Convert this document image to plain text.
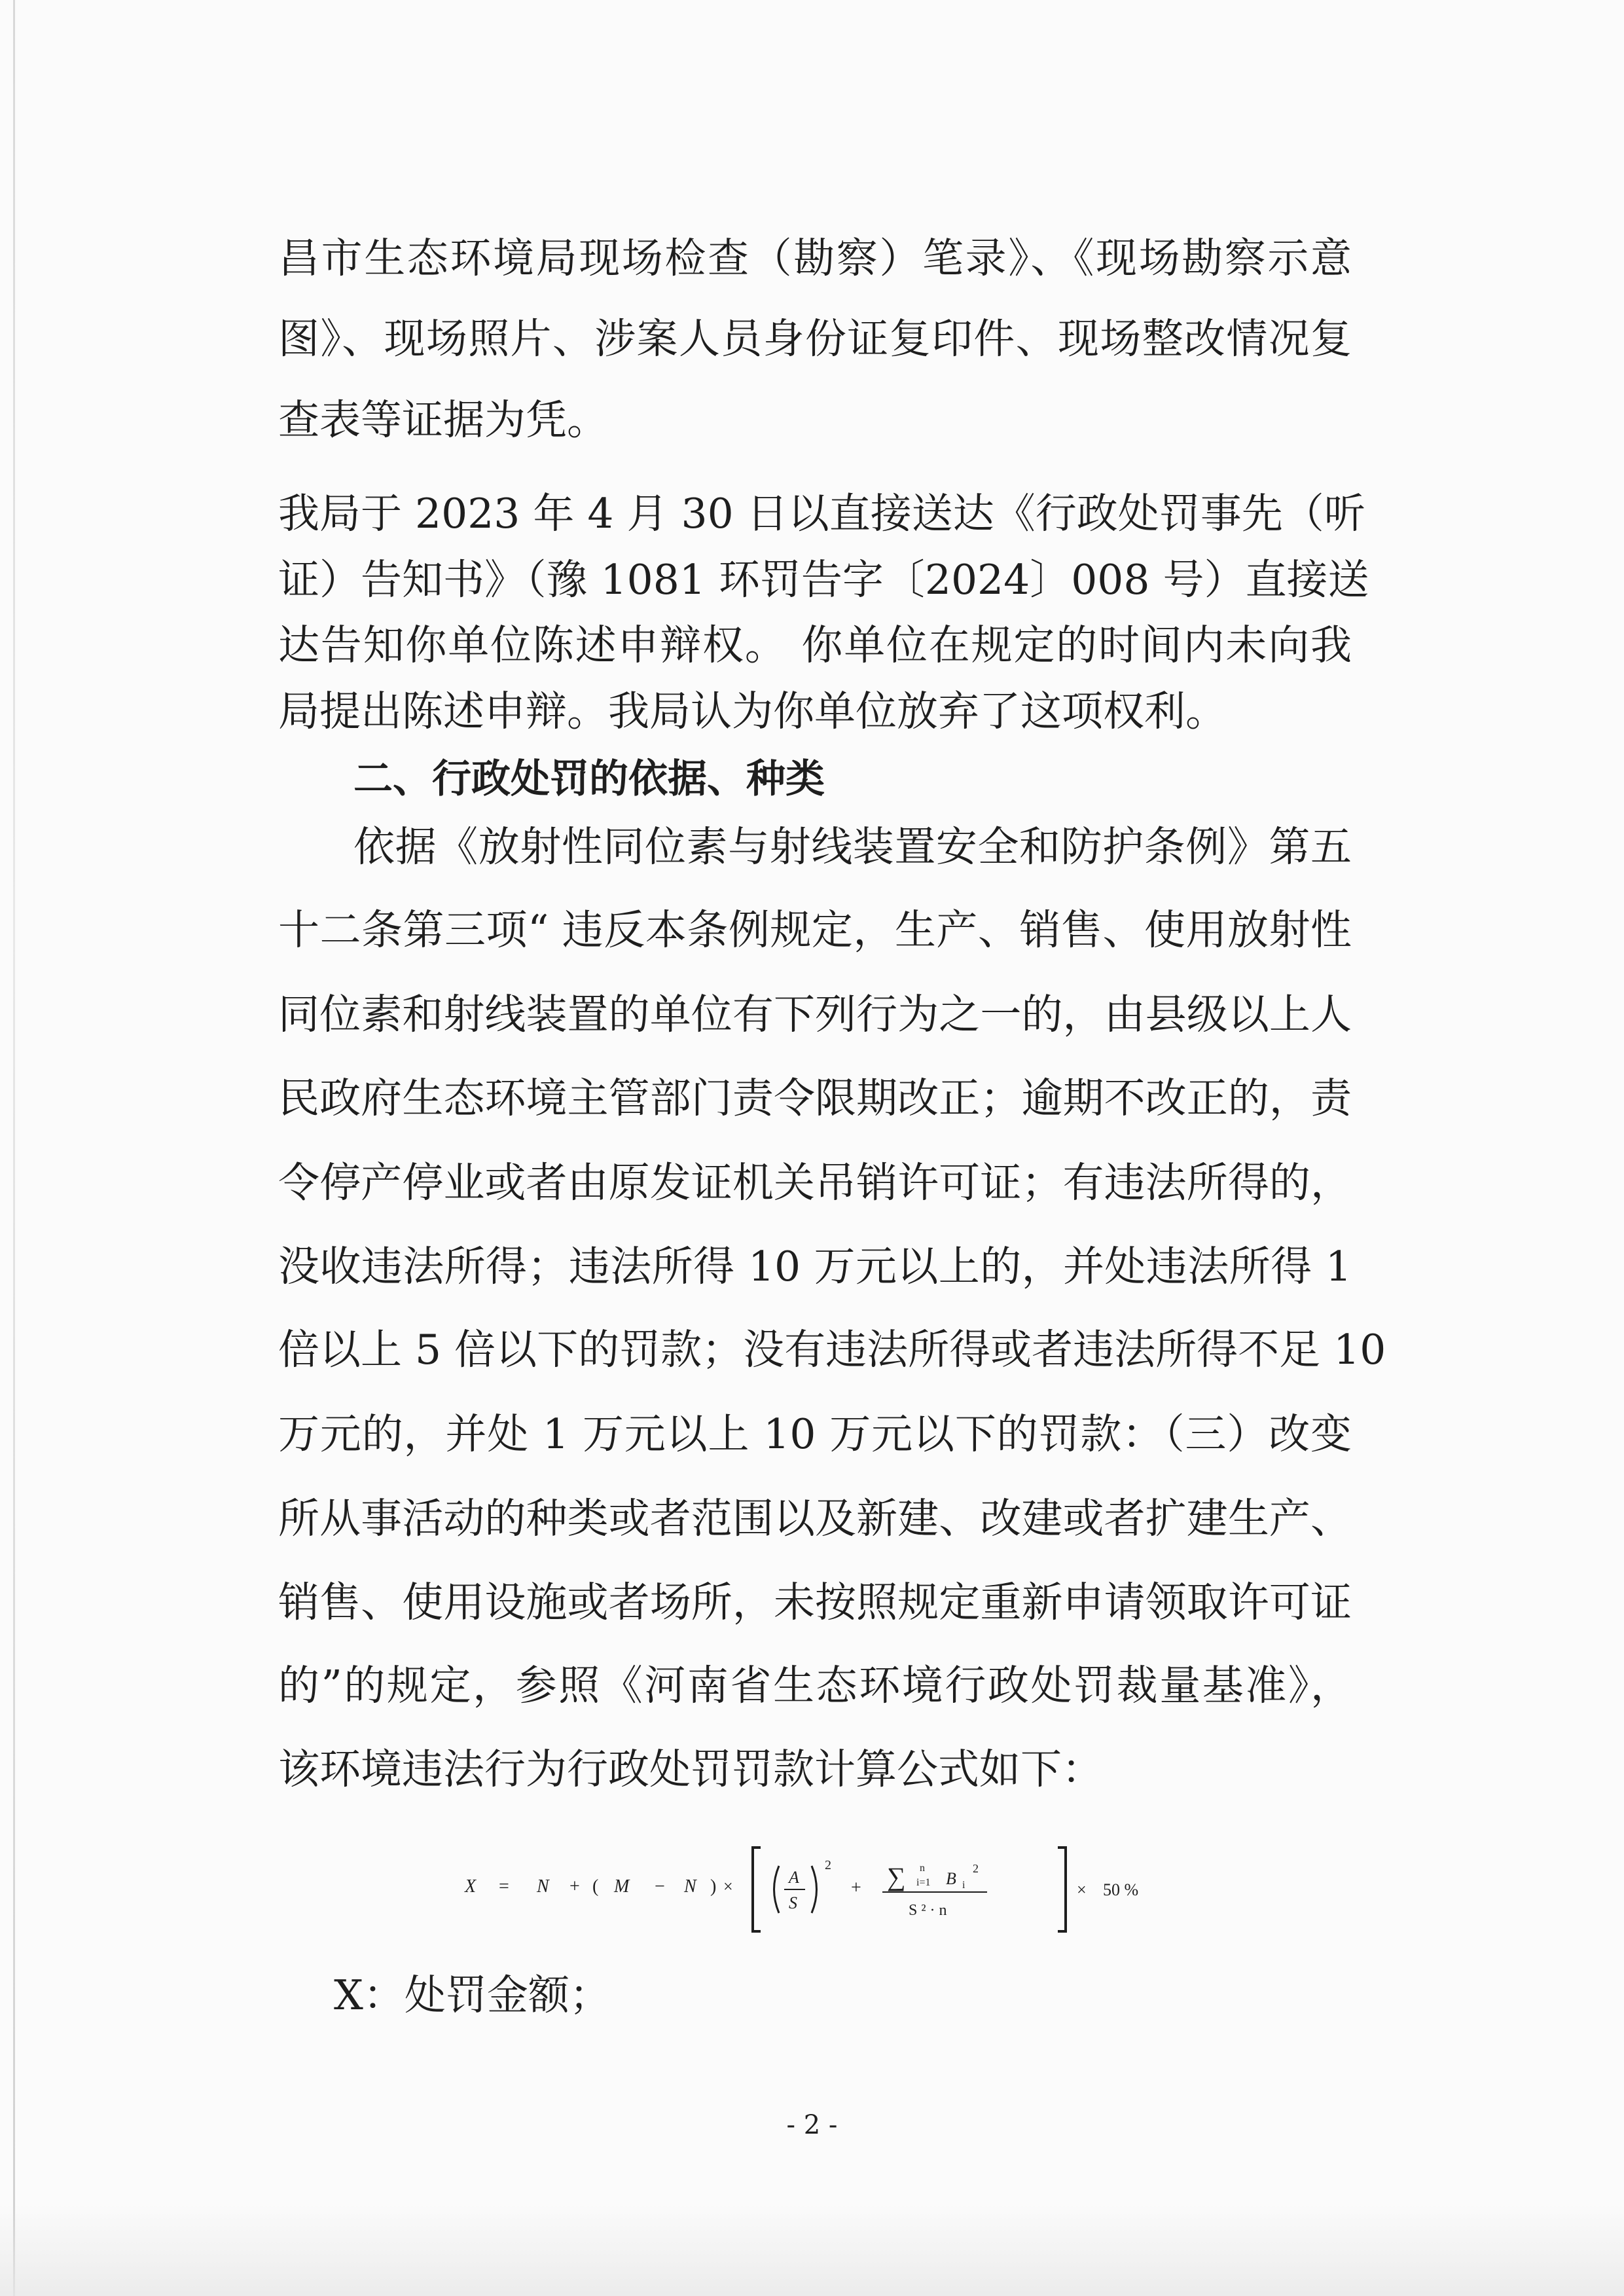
昌市生态环境局现场检查（勘察）笔录》、《现场勘察示意
图》、现场照片、涉案人员身份证复印件、现场整改情况复
查表等证据为凭。
我局于 2023 年 4 月 30 日以直接送达《行政处罚事先（听
证）告知书》（豫 1081 环罚告字〔2024〕008 号）直接送
达告知你单位陈述申辩权。 你单位在规定的时间内未向我
局提出陈述申辩。我局认为你单位放弃了这项权利。
二、行政处罚的依据、种类
依据《放射性同位素与射线装置安全和防护条例》第五
十二条第三项“ 违反本条例规定，生产、销售、使用放射性
同位素和射线装置的单位有下列行为之一的，由县级以上人
民政府生态环境主管部门责令限期改正；逾期不改正的，责
令停产停业或者由原发证机关吊销许可证；有违法所得的，
没收违法所得；违法所得 10 万元以上的，并处违法所得 1
倍以上 5 倍以下的罚款；没有违法所得或者违法所得不足 10
万元的，并处 1 万元以上 10 万元以下的罚款：（三）改变
所从事活动的种类或者范围以及新建、改建或者扩建生产、
销售、使用设施或者场所，未按照规定重新申请领取许可证
的”的规定，参照《河南省生态环境行政处罚裁量基准》，
该环境违法行为行政处罚罚款计算公式如下：
X：处罚金额；
X = N + ( M − N ) ×	A
S
2
+ ∑ n
i=1 B i
2
S ² · n
× 50 %
- 2 -
